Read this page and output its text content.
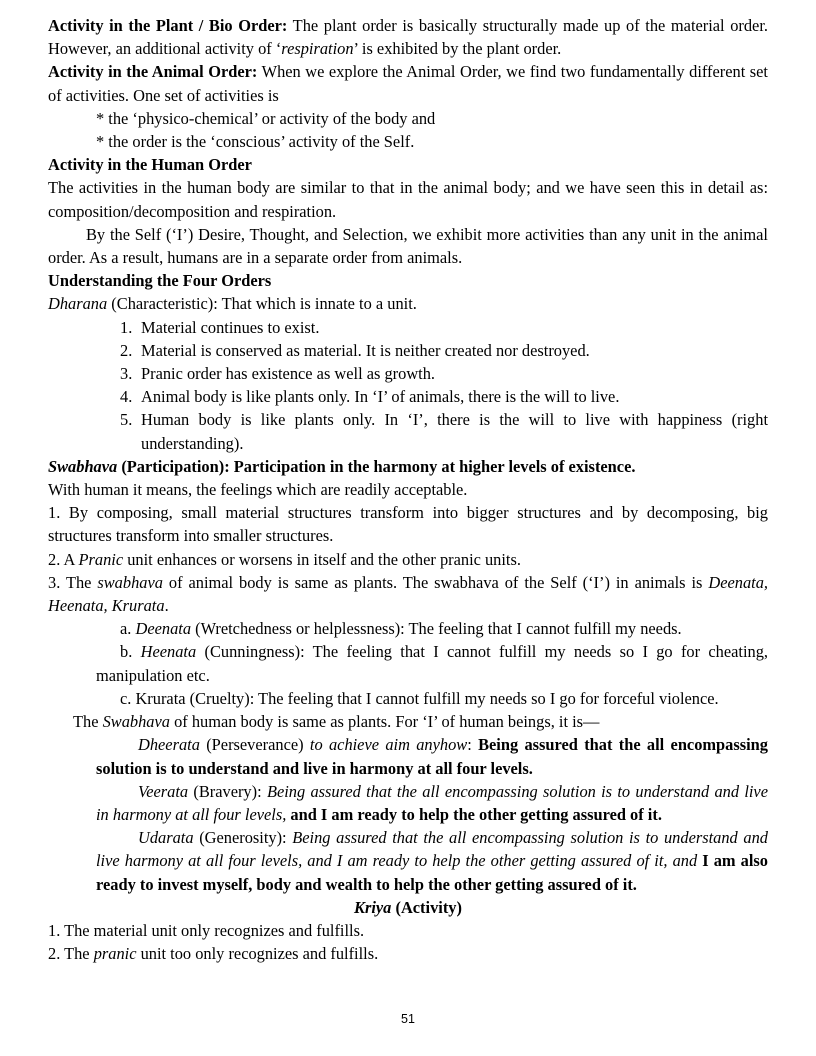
Activity in the Plant / Bio Order: The plant order is basically structurally made up of the material order. However, an additional activity of ‘respiration’ is exhibited by the plant order.

Activity in the Animal Order: When we explore the Animal Order, we find two fundamentally different set of activities. One set of activities is

* the ‘physico-chemical’ or activity of the body and

* the order is the ‘conscious’ activity of the Self.

Activity in the Human Order

The activities in the human body are similar to that in the animal body; and we have seen this in detail as: composition/decomposition and respiration.

By the Self (‘I’) Desire, Thought, and Selection, we exhibit more activities than any unit in the animal order. As a result, humans are in a separate order from animals.

Understanding the Four Orders

Dharana (Characteristic): That which is innate to a unit.

1. Material continues to exist.
2. Material is conserved as material. It is neither created nor destroyed.
3. Pranic order has existence as well as growth.
4. Animal body is like plants only. In ‘I’ of animals, there is the will to live.
5. Human body is like plants only. In ‘I’, there is the will to live with happiness (right understanding).

Swabhava (Participation): Participation in the harmony at higher levels of existence.

With human it means, the feelings which are readily acceptable.

1. By composing, small material structures transform into bigger structures and by decomposing, big structures transform into smaller structures.

2. A Pranic unit enhances or worsens in itself and the other pranic units.

3. The swabhava of animal body is same as plants. The swabhava of the Self (‘I’) in animals is Deenata, Heenata, Krurata.

a. Deenata (Wretchedness or helplessness): The feeling that I cannot fulfill my needs.

b. Heenata (Cunningness): The feeling that I cannot fulfill my needs so I go for cheating, manipulation etc.

c. Krurata (Cruelty): The feeling that I cannot fulfill my needs so I go for forceful violence.

The Swabhava of human body is same as plants. For ‘I’ of human beings, it is—

Dheerata (Perseverance) to achieve aim anyhow: Being assured that the all encompassing solution is to understand and live in harmony at all four levels.

Veerata (Bravery): Being assured that the all encompassing solution is to understand and live in harmony at all four levels, and I am ready to help the other getting assured of it.

Udarata (Generosity): Being assured that the all encompassing solution is to understand and live harmony at all four levels, and I am ready to help the other getting assured of it, and I am also ready to invest myself, body and wealth to help the other getting assured of it.

Kriya (Activity)

1. The material unit only recognizes and fulfills.

2. The pranic unit too only recognizes and fulfills.

51
